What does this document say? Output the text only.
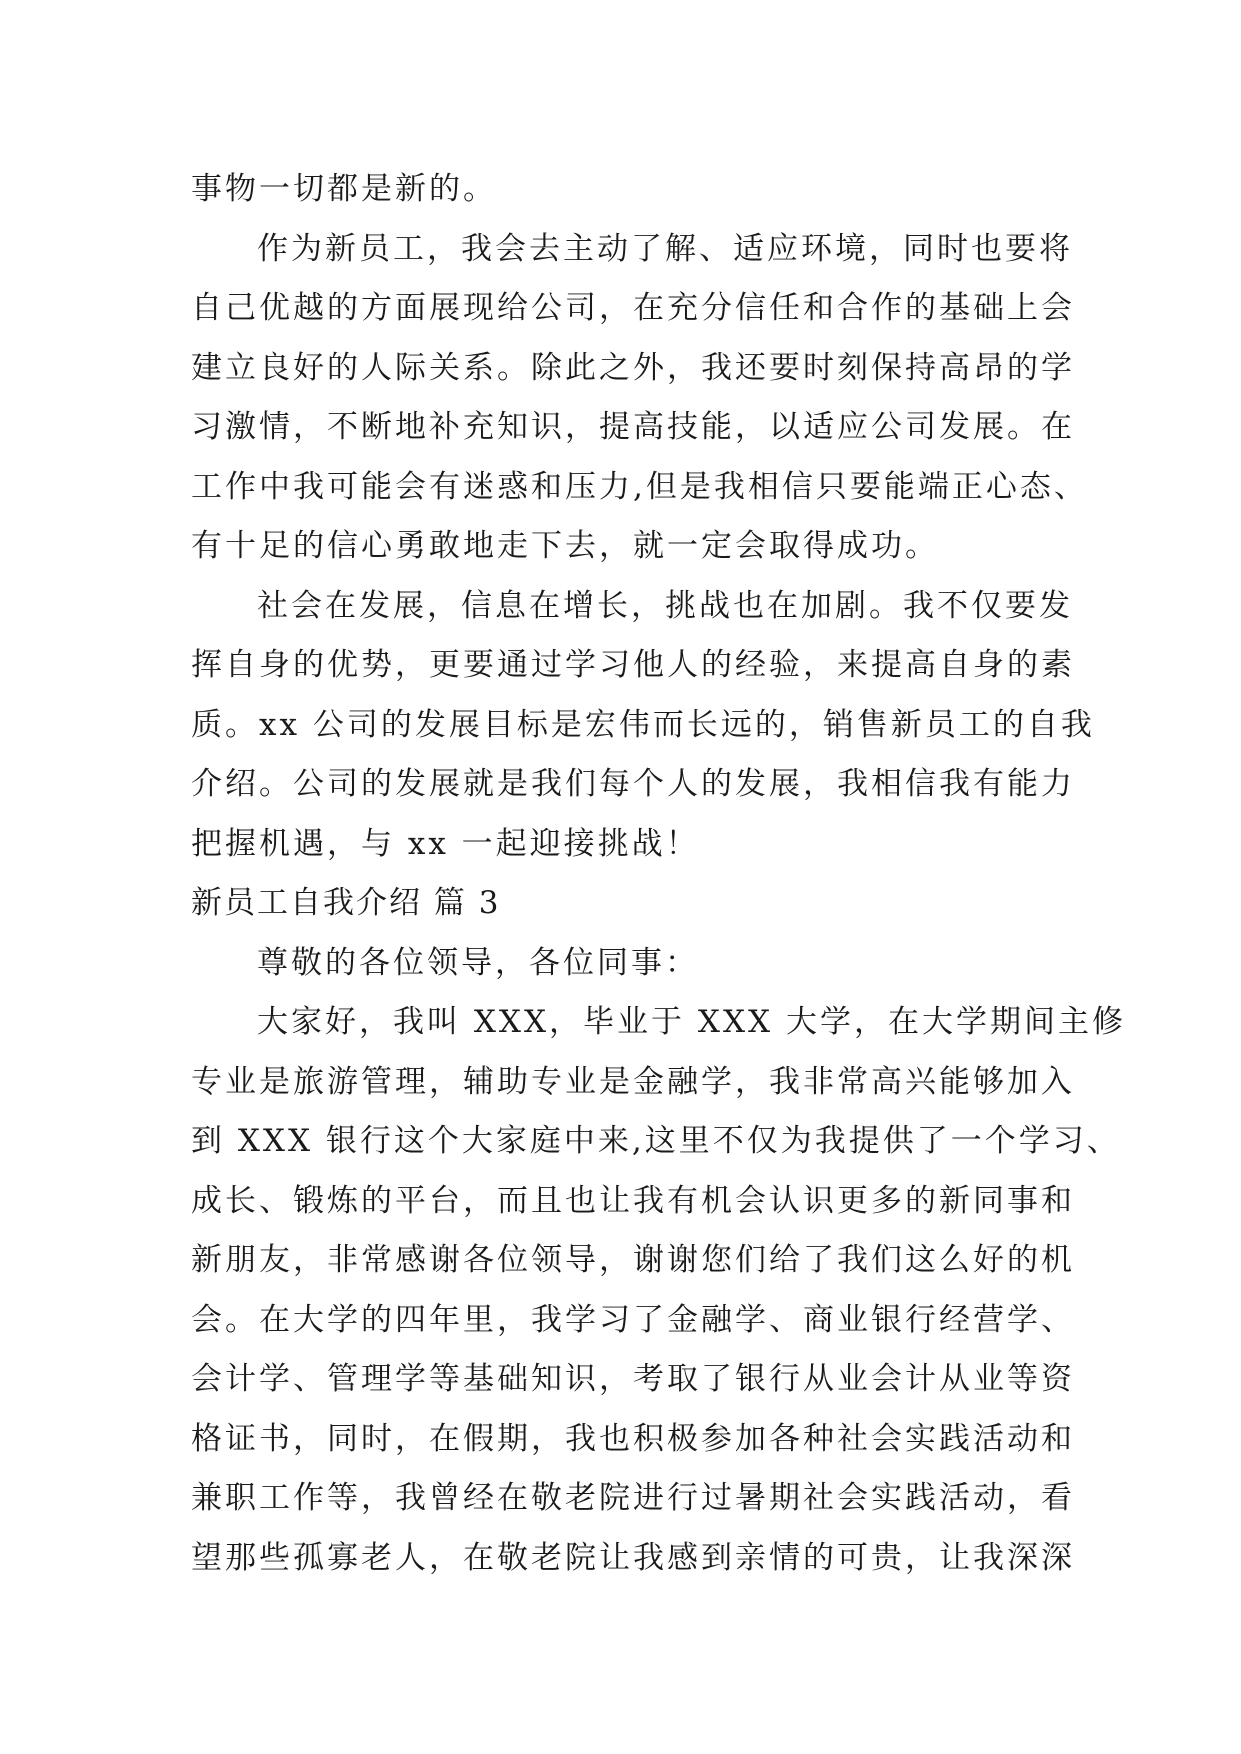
事物一切都是新的。
作为新员工，我会去主动了解、适应环境，同时也要将
自己优越的方面展现给公司，在充分信任和合作的基础上会
建立良好的人际关系。除此之外，我还要时刻保持高昂的学
习激情，不断地补充知识，提高技能，以适应公司发展。在
工作中我可能会有迷惑和压力,但是我相信只要能端正心态、
有十足的信心勇敢地走下去，就一定会取得成功。
社会在发展，信息在增长，挑战也在加剧。我不仅要发
挥自身的优势，更要通过学习他人的经验，来提高自身的素
质。xx 公司的发展目标是宏伟而长远的，销售新员工的自我
介绍。公司的发展就是我们每个人的发展，我相信我有能力
把握机遇，与 xx 一起迎接挑战！
新员工自我介绍 篇 3
尊敬的各位领导，各位同事：
大家好，我叫 XXX，毕业于 XXX 大学，在大学期间主修
专业是旅游管理，辅助专业是金融学，我非常高兴能够加入
到 XXX 银行这个大家庭中来,这里不仅为我提供了一个学习、
成长、锻炼的平台，而且也让我有机会认识更多的新同事和
新朋友，非常感谢各位领导，谢谢您们给了我们这么好的机
会。在大学的四年里，我学习了金融学、商业银行经营学、
会计学、管理学等基础知识，考取了银行从业会计从业等资
格证书，同时，在假期，我也积极参加各种社会实践活动和
兼职工作等，我曾经在敬老院进行过暑期社会实践活动，看
望那些孤寡老人，在敬老院让我感到亲情的可贵，让我深深
